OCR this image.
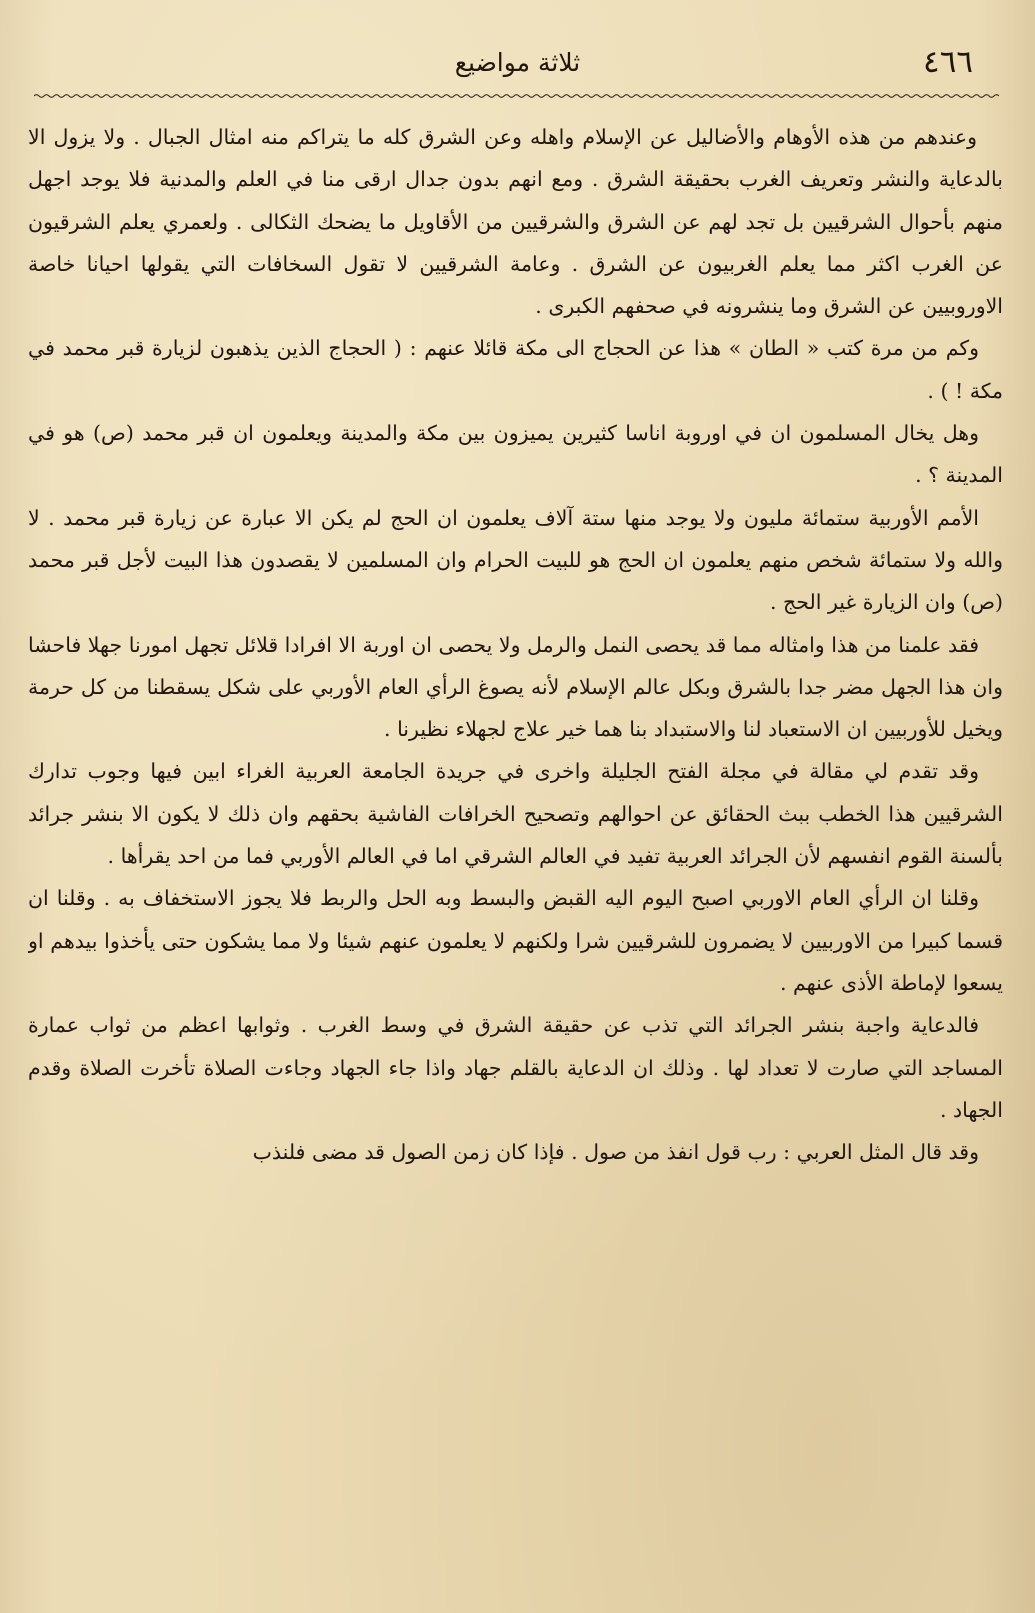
٤٦٦
ثلاثة مواضيع

وعندهم من هذه الأوهام والأضاليل عن الإسلام واهله وعن الشرق كله ما يتراكم منه امثال الجبال . ولا يزول الا بالدعاية والنشر وتعريف الغرب بحقيقة الشرق . ومع انهم بدون جدال ارقى منا في العلم والمدنية فلا يوجد اجهل منهم بأحوال الشرقيين بل تجد لهم عن الشرق والشرقيين من الأقاويل ما يضحك الثكالى . ولعمري يعلم الشرقيون عن الغرب اكثر مما يعلم الغربيون عن الشرق . وعامة الشرقيين لا تقول السخافات التي يقولها احيانا خاصة الاوروبيين عن الشرق وما ينشرونه في صحفهم الكبرى .

وكم من مرة كتب « الطان » هذا عن الحجاج الى مكة قائلا عنهم : ( الحجاج الذين يذهبون لزيارة قبر محمد في مكة ! ) .

وهل يخال المسلمون ان في اوروبة اناسا كثيرين يميزون بين مكة والمدينة ويعلمون ان قبر محمد (ص) هو في المدينة ؟ .

الأمم الأوربية ستمائة مليون ولا يوجد منها ستة آلاف يعلمون ان الحج لم يكن الا عبارة عن زيارة قبر محمد . لا والله ولا ستمائة شخص منهم يعلمون ان الحج هو للبيت الحرام وان المسلمين لا يقصدون هذا البيت لأجل قبر محمد (ص) وان الزيارة غير الحج .

فقد علمنا من هذا وامثاله مما قد يحصى النمل والرمل ولا يحصى ان اوربة الا افرادا قلائل تجهل امورنا جهلا فاحشا وان هذا الجهل مضر جدا بالشرق وبكل عالم الإسلام لأنه يصوغ الرأي العام الأوربي على شكل يسقطنا من كل حرمة ويخيل للأوربيين ان الاستعباد لنا والاستبداد بنا هما خير علاج لجهلاء نظيرنا .

وقد تقدم لي مقالة في مجلة الفتح الجليلة واخرى في جريدة الجامعة العربية الغراء ابين فيها وجوب تدارك الشرقيين هذا الخطب ببث الحقائق عن احوالهم وتصحيح الخرافات الفاشية بحقهم وان ذلك لا يكون الا بنشر جرائد بألسنة القوم انفسهم لأن الجرائد العربية تفيد في العالم الشرقي اما في العالم الأوربي فما من احد يقرأها .

وقلنا ان الرأي العام الاوربي اصبح اليوم اليه القبض والبسط وبه الحل والربط فلا يجوز الاستخفاف به . وقلنا ان قسما كبيرا من الاوربيين لا يضمرون للشرقيين شرا ولكنهم لا يعلمون عنهم شيئا ولا مما يشكون حتى يأخذوا بيدهم او يسعوا لإماطة الأذى عنهم .

فالدعاية واجبة بنشر الجرائد التي تذب عن حقيقة الشرق في وسط الغرب . وثوابها اعظم من ثواب عمارة المساجد التي صارت لا تعداد لها . وذلك ان الدعاية بالقلم جهاد واذا جاء الجهاد وجاءت الصلاة تأخرت الصلاة وقدم الجهاد .

وقد قال المثل العربي : رب قول انفذ من صول . فإذا كان زمن الصول قد مضى فلنذب
